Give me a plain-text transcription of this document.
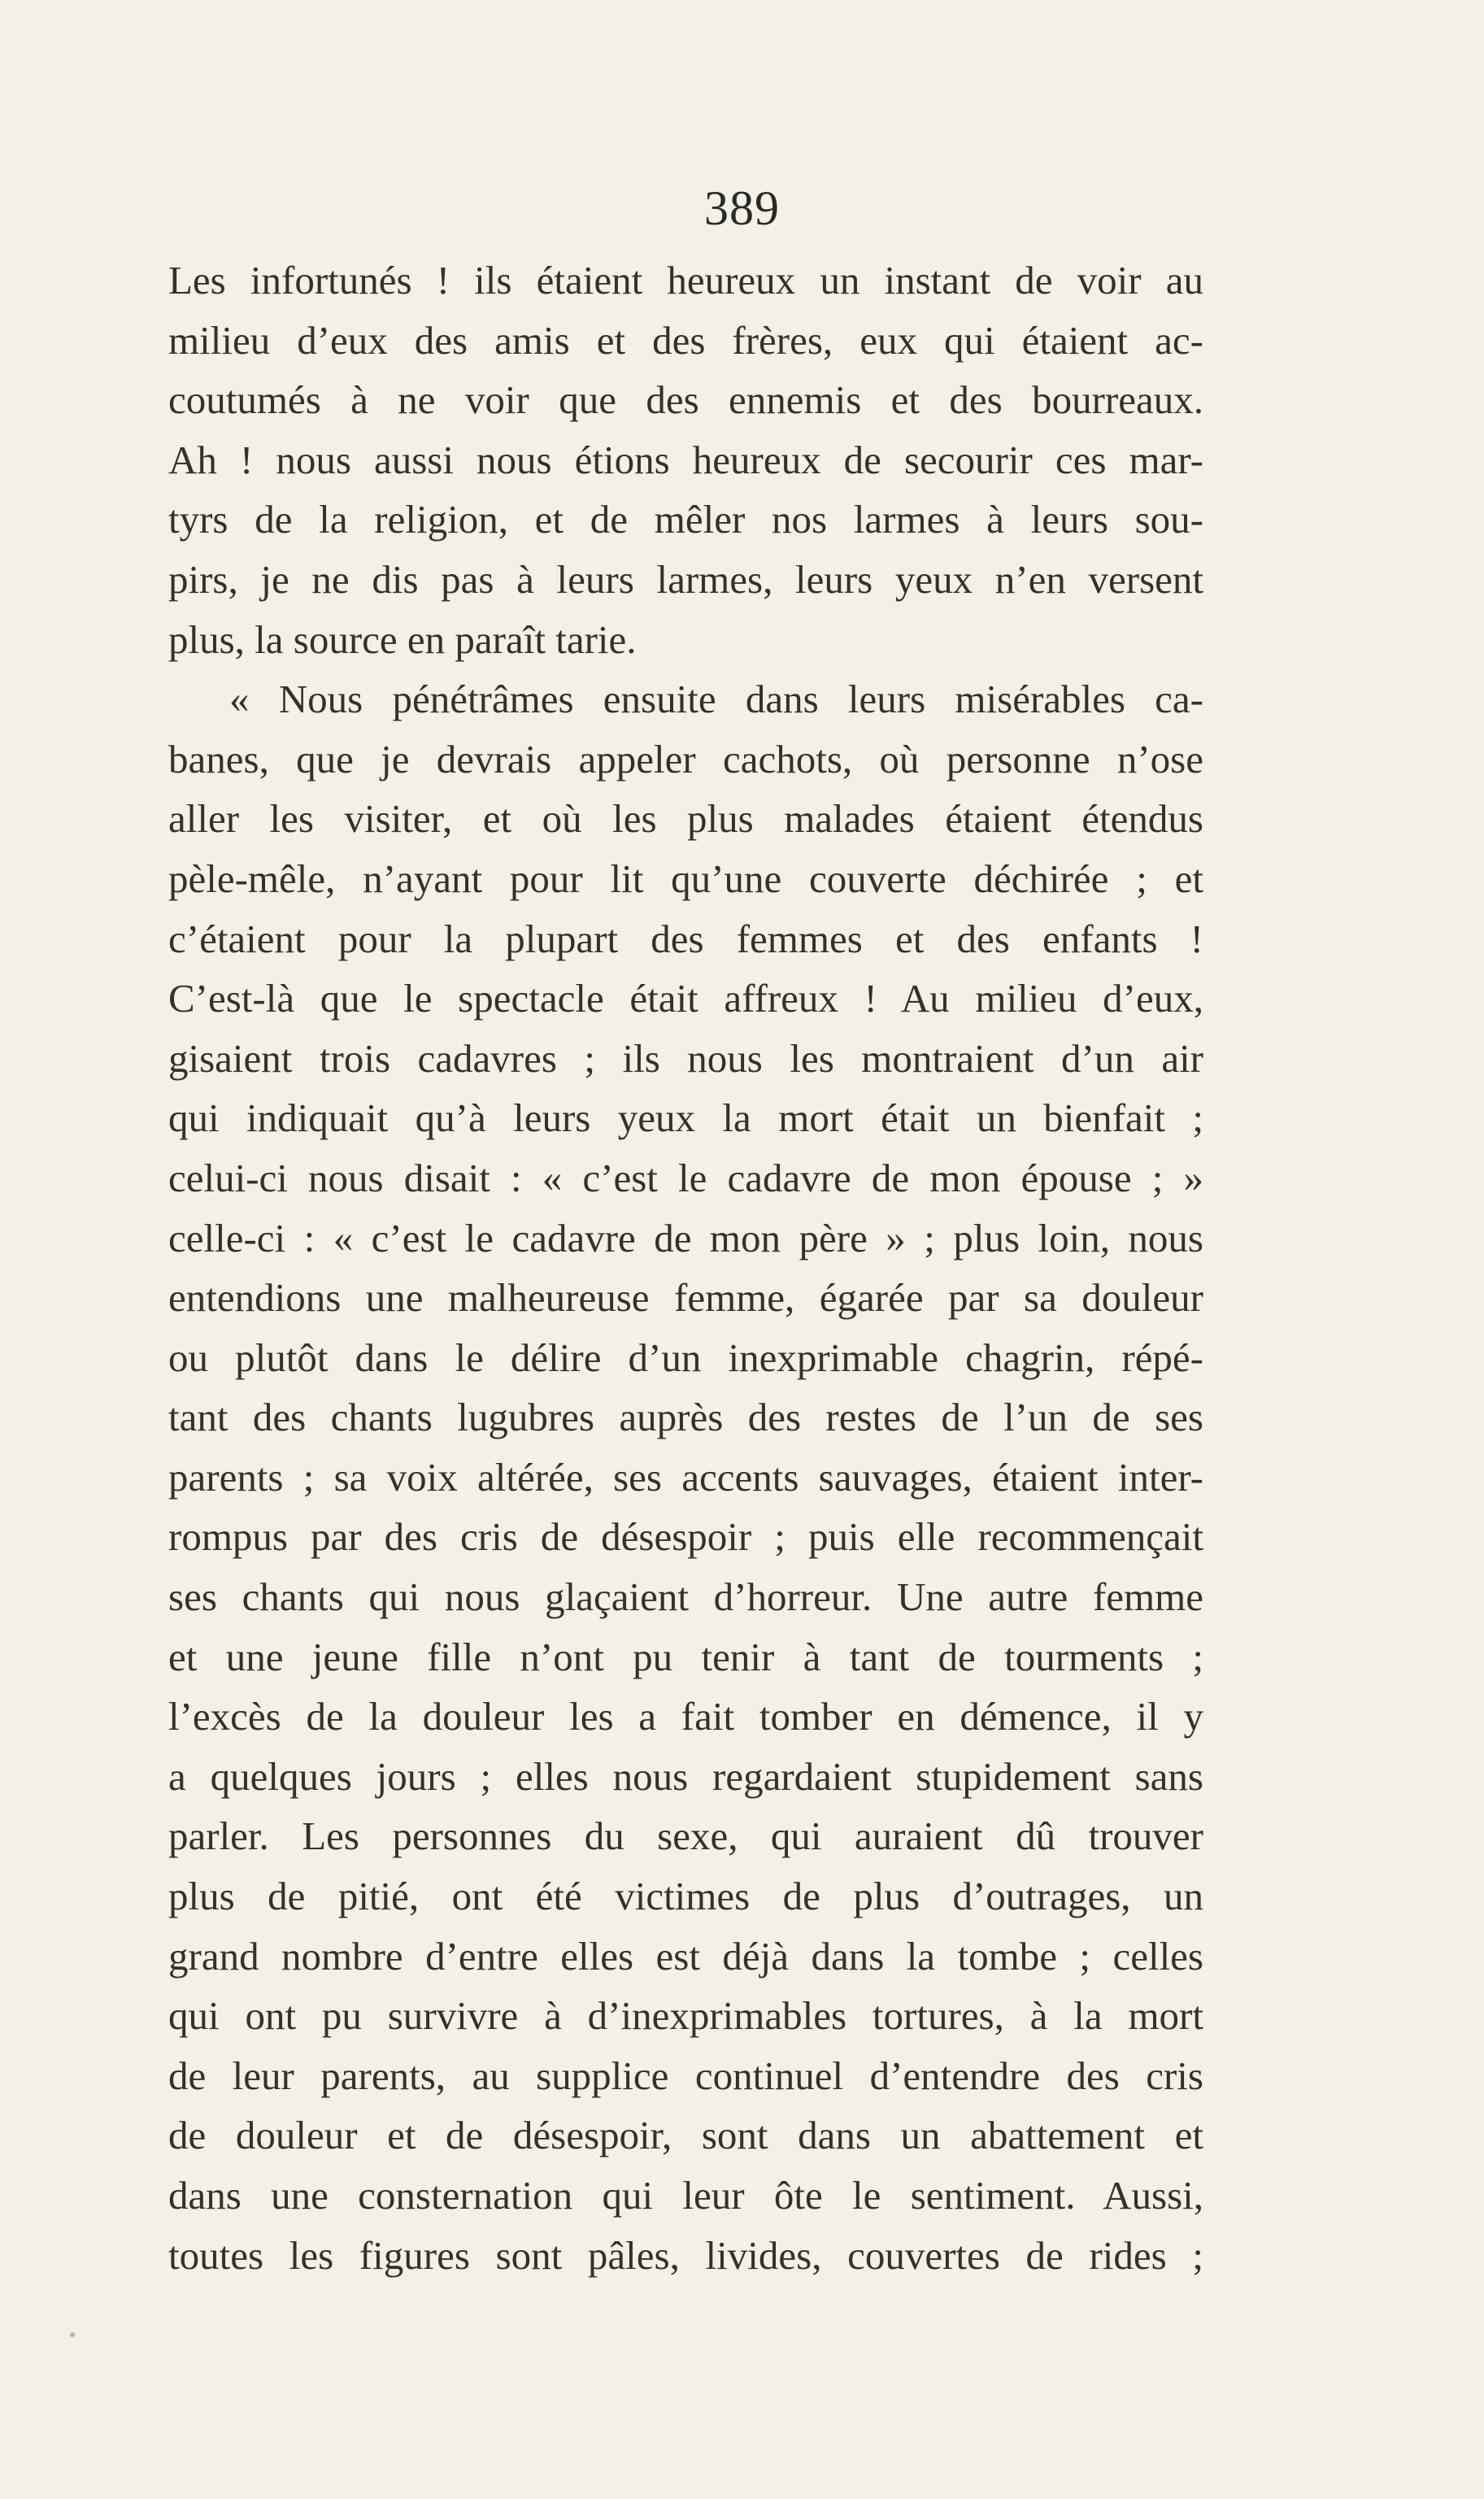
389
Les infortunés ! ils étaient heureux un instant de voir au
milieu d’eux des amis et des frères, eux qui étaient ac-
coutumés à ne voir que des ennemis et des bourreaux.
Ah ! nous aussi nous étions heureux de secourir ces mar-
tyrs de la religion, et de mêler nos larmes à leurs sou-
pirs, je ne dis pas à leurs larmes, leurs yeux n’en versent
plus, la source en paraît tarie.
« Nous pénétrâmes ensuite dans leurs misérables ca-
banes, que je devrais appeler cachots, où personne n’ose
aller les visiter, et où les plus malades étaient étendus
pèle-mêle, n’ayant pour lit qu’une couverte déchirée ; et
c’étaient pour la plupart des femmes et des enfants !
C’est-là que le spectacle était affreux ! Au milieu d’eux,
gisaient trois cadavres ; ils nous les montraient d’un air
qui indiquait qu’à leurs yeux la mort était un bienfait ;
celui-ci nous disait : « c’est le cadavre de mon épouse ; »
celle-ci : « c’est le cadavre de mon père » ; plus loin, nous
entendions une malheureuse femme, égarée par sa douleur
ou plutôt dans le délire d’un inexprimable chagrin, répé-
tant des chants lugubres auprès des restes de l’un de ses
parents ; sa voix altérée, ses accents sauvages, étaient inter-
rompus par des cris de désespoir ; puis elle recommençait
ses chants qui nous glaçaient d’horreur. Une autre femme
et une jeune fille n’ont pu tenir à tant de tourments ;
l’excès de la douleur les a fait tomber en démence, il y
a quelques jours ; elles nous regardaient stupidement sans
parler. Les personnes du sexe, qui auraient dû trouver
plus de pitié, ont été victimes de plus d’outrages, un
grand nombre d’entre elles est déjà dans la tombe ; celles
qui ont pu survivre à d’inexprimables tortures, à la mort
de leur parents, au supplice continuel d’entendre des cris
de douleur et de désespoir, sont dans un abattement et
dans une consternation qui leur ôte le sentiment. Aussi,
toutes les figures sont pâles, livides, couvertes de rides ;
